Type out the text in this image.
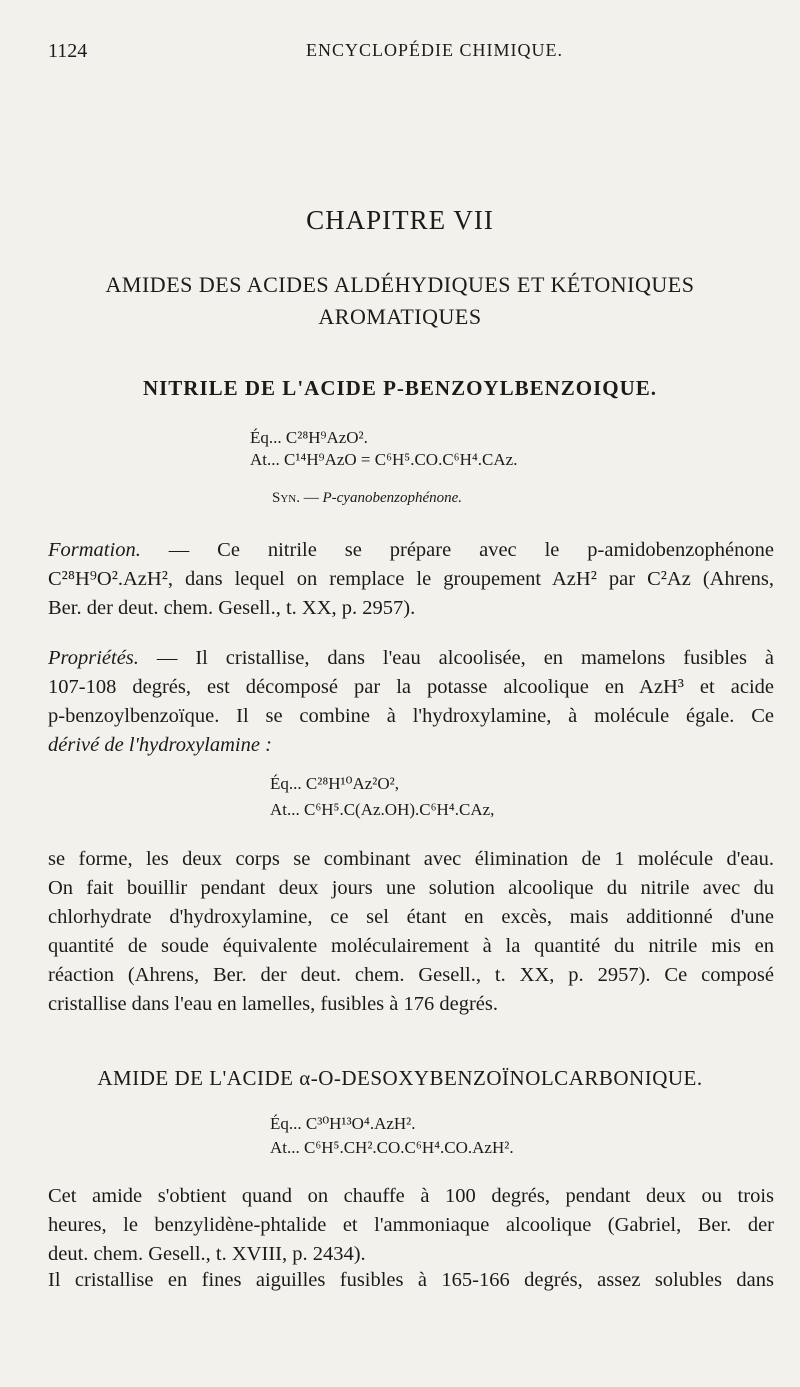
1124	ENCYCLOPÉDIE CHIMIQUE.
CHAPITRE VII
AMIDES DES ACIDES ALDÉHYDIQUES ET KÉTONIQUES
AROMATIQUES
NITRILE DE L'ACIDE P-BENZOYLBENZOIQUE.
Éq... C²⁸H⁹AzO².
At... C¹⁴H⁹AzO = C⁶H⁵.CO.C⁶H⁴.CAz.
Syn. — P-cyanobenzophénone.
Formation. — Ce nitrile se prépare avec le p-amidobenzophénone
C²⁸H⁹O².AzH², dans lequel on remplace le groupement AzH² par C²Az (Ahrens,
Ber. der deut. chem. Gesell., t. XX, p. 2957).
Propriétés. — Il cristallise, dans l'eau alcoolisée, en mamelons fusibles à
107-108 degrés, est décomposé par la potasse alcoolique en AzH³ et acide
p-benzoylbenzoïque. Il se combine à l'hydroxylamine, à molécule égale. Ce
dérivé de l'hydroxylamine :
Éq... C²⁸H¹⁰Az²O²,
At... C⁶H⁵.C(Az.OH).C⁶H⁴.CAz,
se forme, les deux corps se combinant avec élimination de 1 molécule d'eau.
On fait bouillir pendant deux jours une solution alcoolique du nitrile avec du
chlorhydrate d'hydroxylamine, ce sel étant en excès, mais additionné d'une
quantité de soude équivalente moléculairement à la quantité du nitrile mis en
réaction (Ahrens, Ber. der deut. chem. Gesell., t. XX, p. 2957). Ce composé
cristallise dans l'eau en lamelles, fusibles à 176 degrés.
AMIDE DE L'ACIDE α-O-DESOXYBENZOÏNOLCARBONIQUE.
Éq... C³⁰H¹³O⁴.AzH².
At... C⁶H⁵.CH².CO.C⁶H⁴.CO.AzH².
Cet amide s'obtient quand on chauffe à 100 degrés, pendant deux ou trois
heures, le benzylidène-phtalide et l'ammoniaque alcoolique (Gabriel, Ber. der
deut. chem. Gesell., t. XVIII, p. 2434).
Il cristallise en fines aiguilles fusibles à 165-166 degrés, assez solubles dans
